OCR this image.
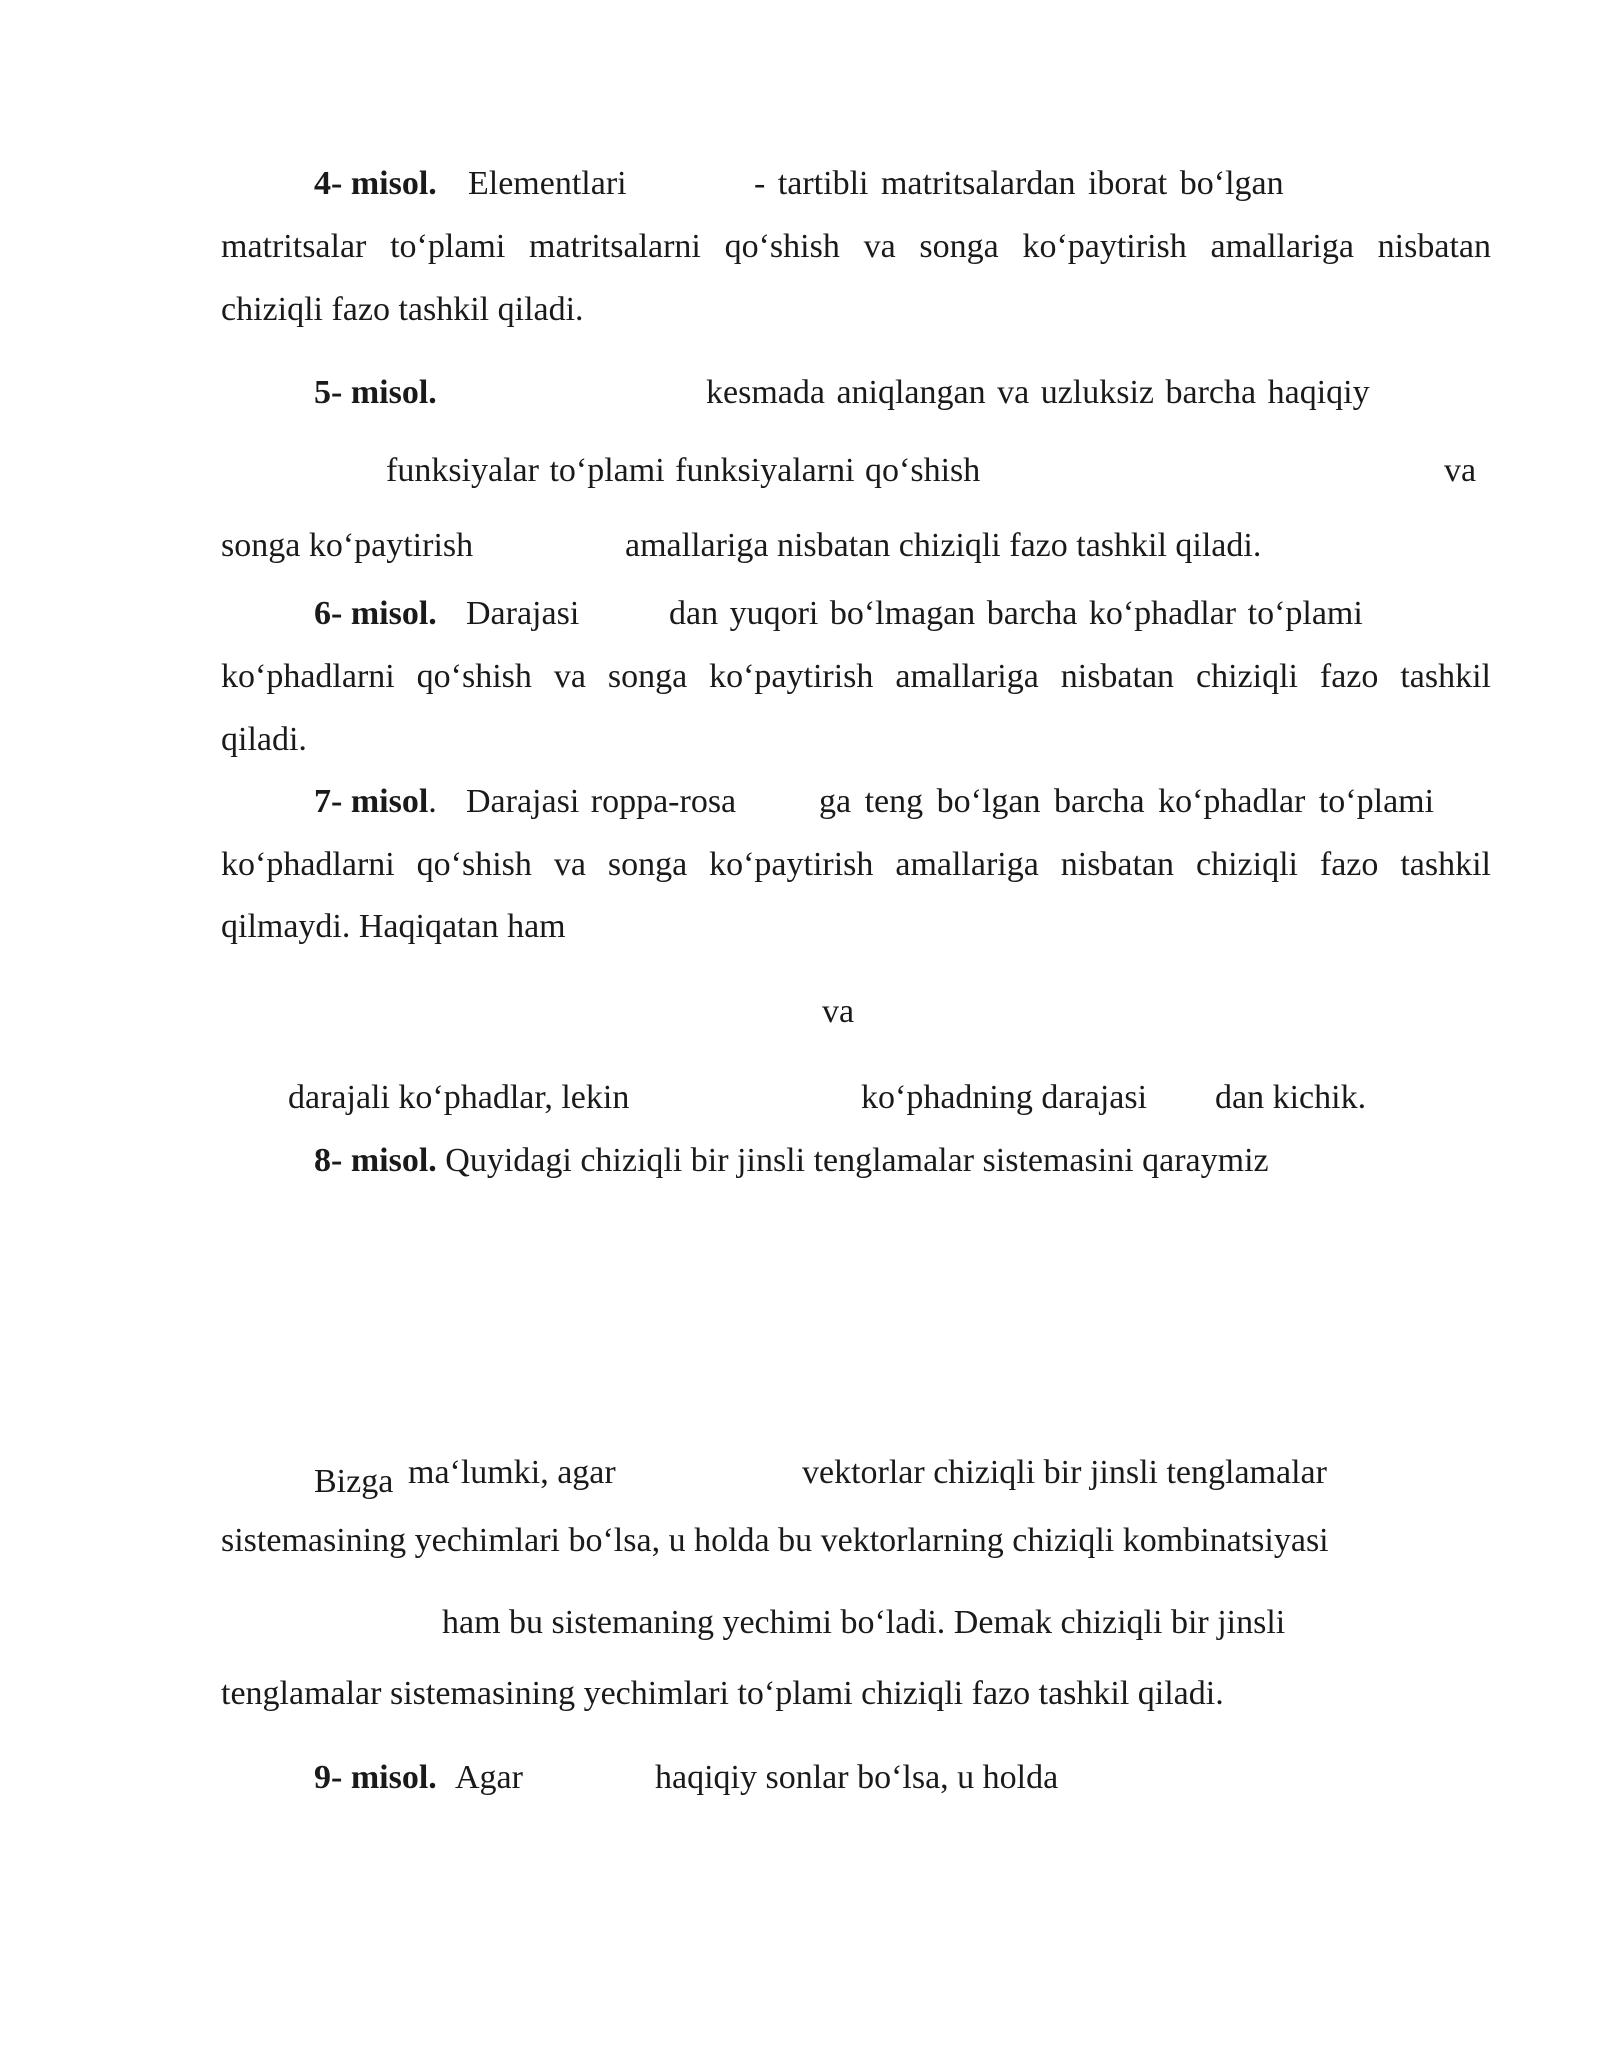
4- misol. Elementlari	- tartibli matritsalardan iborat bo‘lgan
matritsalar to‘plami matritsalarni qo‘shish va songa ko‘paytirish amallariga nisbatan
chiziqli fazo tashkil qiladi.
5- misol.	kesmada aniqlangan va uzluksiz barcha haqiqiy
funksiyalar to‘plami funksiyalarni qo‘shish	va
songa ko‘paytirish	amallariga nisbatan chiziqli fazo tashkil qiladi.
6- misol. Darajasi	dan yuqori bo‘lmagan barcha ko‘phadlar to‘plami
ko‘phadlarni qo‘shish va songa ko‘paytirish amallariga nisbatan chiziqli fazo tashkil
qiladi.
7- misol. Darajasi roppa-rosa ga teng bo‘lgan barcha ko‘phadlar to‘plami
ko‘phadlarni qo‘shish va songa ko‘paytirish amallariga nisbatan chiziqli fazo tashkil
qilmaydi. Haqiqatan ham
va
darajali ko‘phadlar, lekin	ko‘phadning darajasi dan kichik.
8- misol. Quyidagi chiziqli bir jinsli tenglamalar sistemasini qaraymiz
Bizga ma‘lumki, agar	vektorlar chiziqli bir jinsli tenglamalar
sistemasining yechimlari bo‘lsa, u holda bu vektorlarning chiziqli kombinatsiyasi
ham bu sistemaning yechimi bo‘ladi. Demak chiziqli bir jinsli
tenglamalar sistemasining yechimlari to‘plami chiziqli fazo tashkil qiladi.
9- misol. Agar	haqiqiy sonlar bo‘lsa, u holda
